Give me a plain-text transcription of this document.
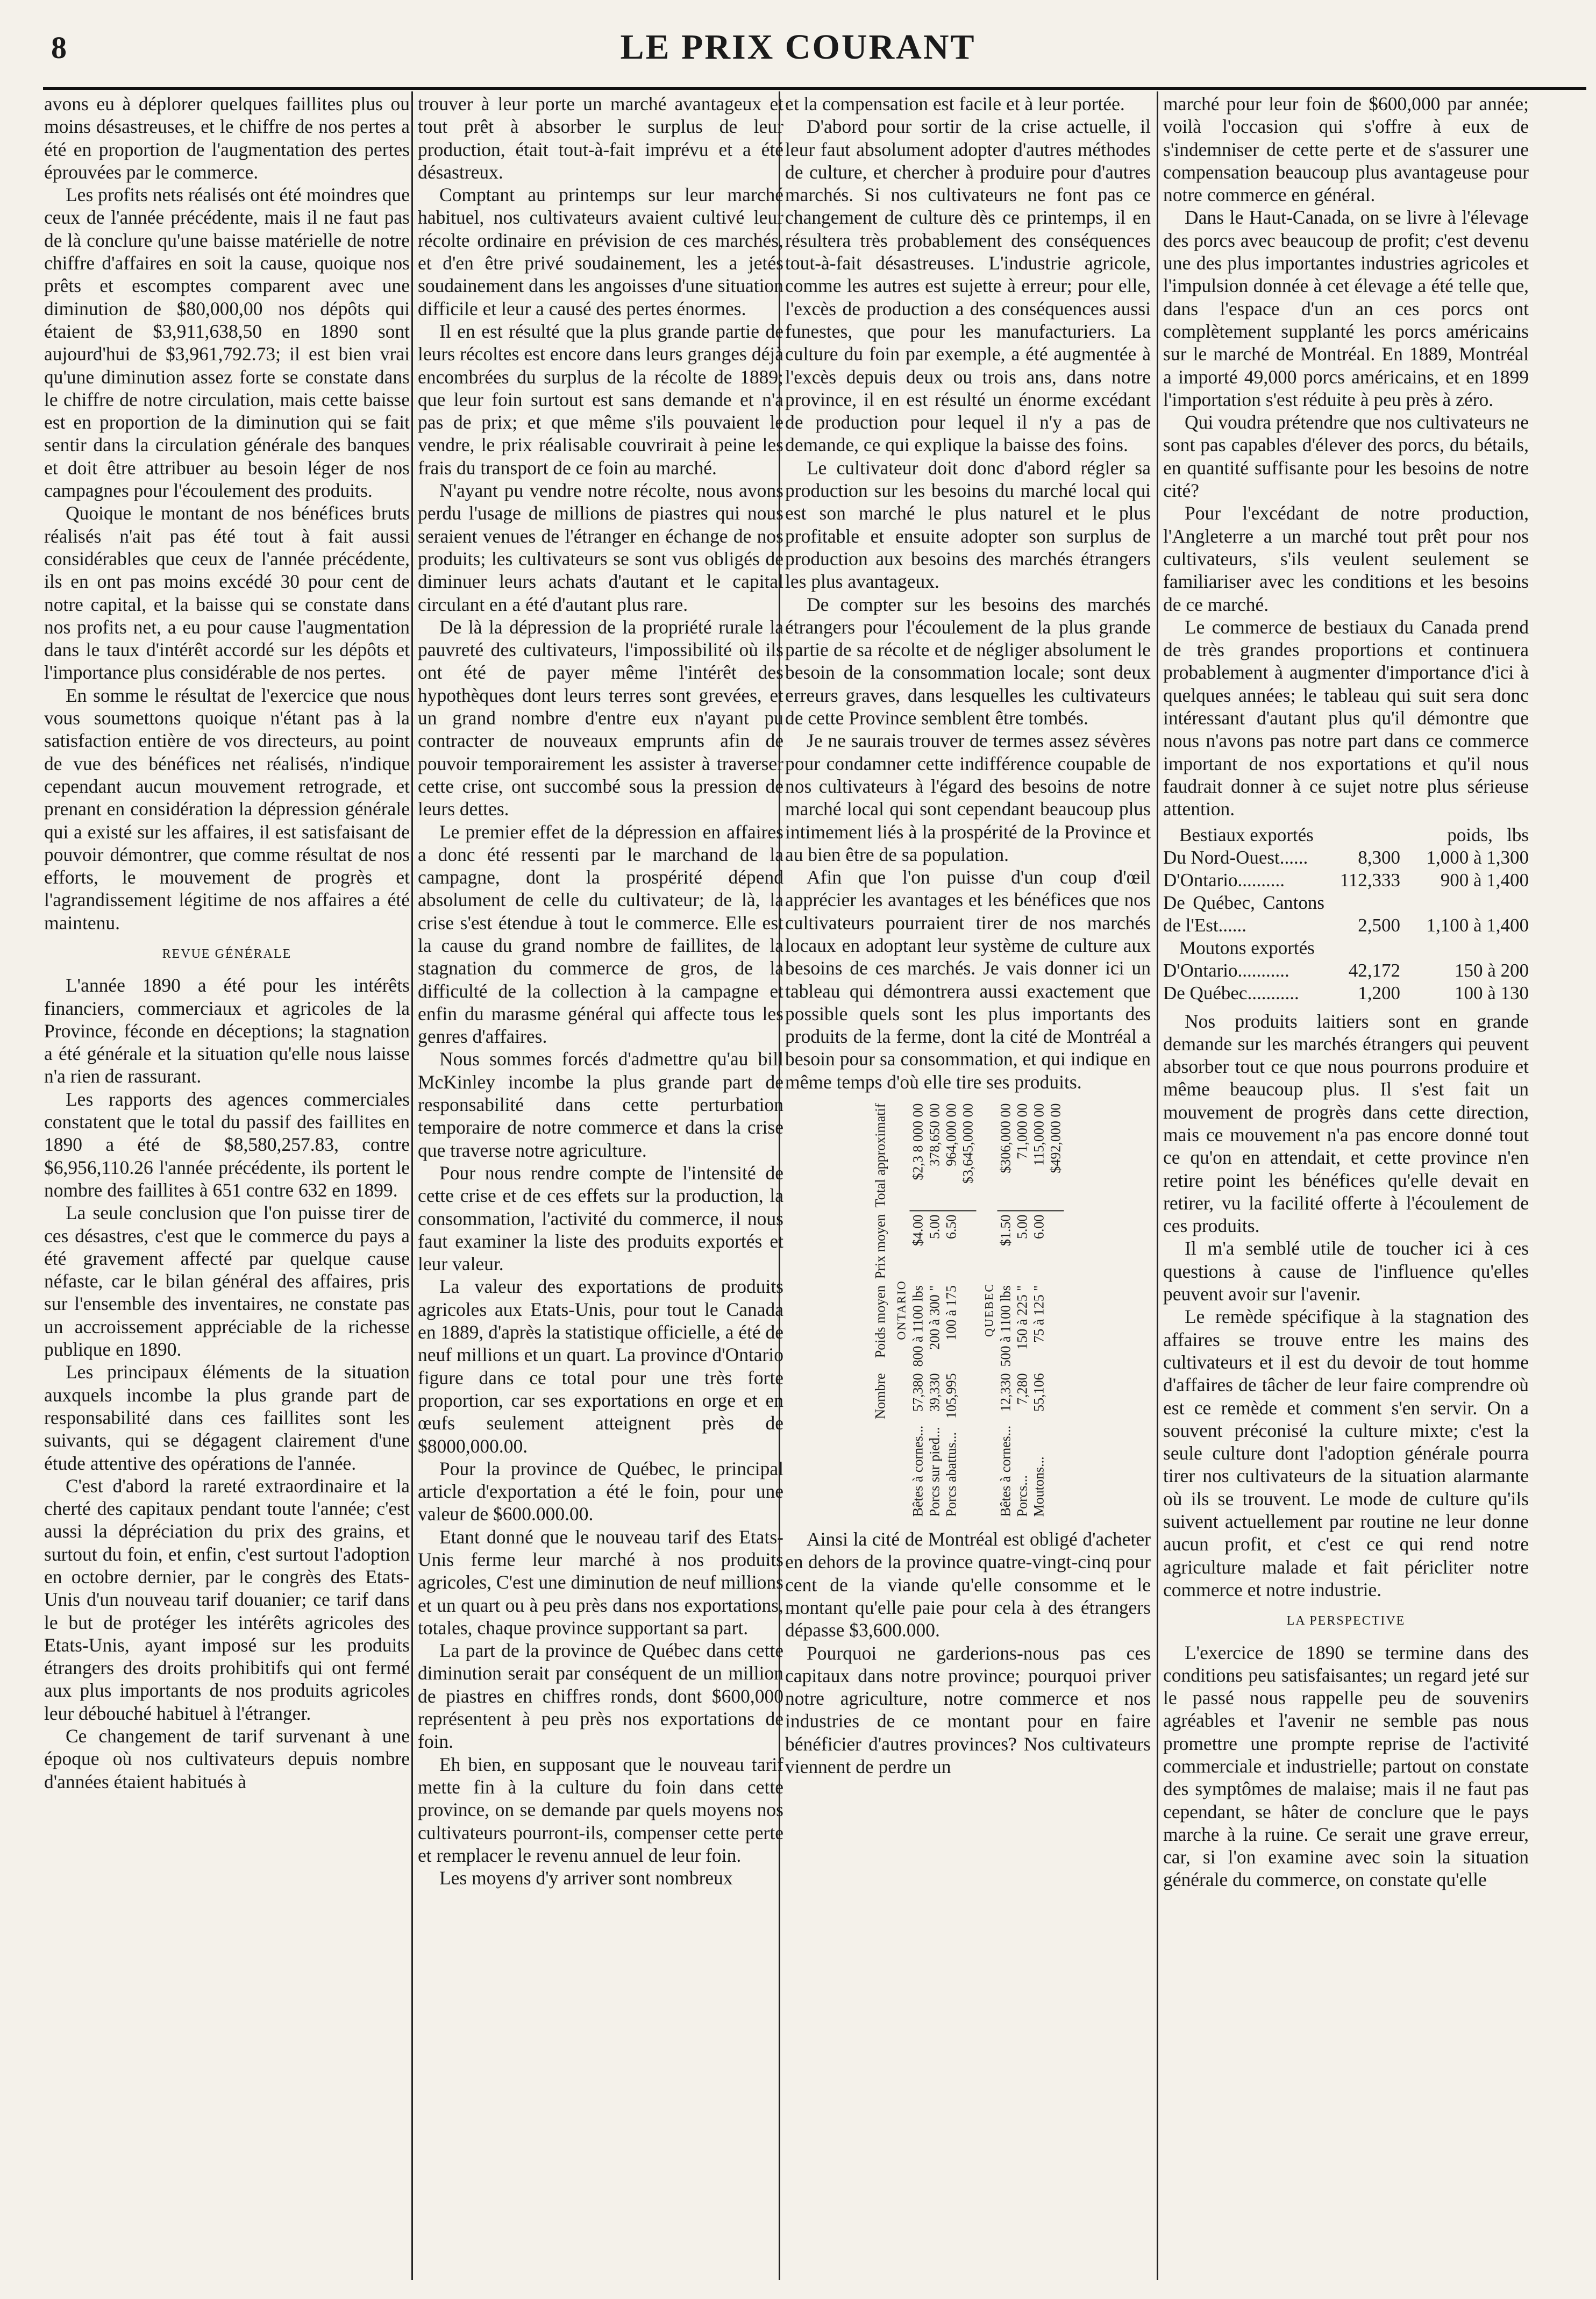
8	LE PRIX COURANT

avons eu à déplorer quelques faillites plus ou moins désastreuses, et le chiffre de nos pertes a été en proportion de l'augmentation des pertes éprouvées par le commerce.

Les profits nets réalisés ont été moindres que ceux de l'année précédente, mais il ne faut pas de là conclure qu'une baisse matérielle de notre chiffre d'affaires en soit la cause, quoique nos prêts et escomptes comparent avec une diminution de $80,000,00 nos dépôts qui étaient de $3,911,638,50 en 1890 sont aujourd'hui de $3,961,792.73; il est bien vrai qu'une diminution assez forte se constate dans le chiffre de notre circulation, mais cette baisse est en proportion de la diminution qui se fait sentir dans la circulation générale des banques et doit être attribuer au besoin léger de nos campagnes pour l'écoulement des produits.

Quoique le montant de nos bénéfices bruts réalisés n'ait pas été tout à fait aussi considérables que ceux de l'année précédente, ils en ont pas moins excédé 30 pour cent de notre capital, et la baisse qui se constate dans nos profits net, a eu pour cause l'augmentation dans le taux d'intérêt accordé sur les dépôts et l'importance plus considérable de nos pertes.

En somme le résultat de l'exercice que nous vous soumettons quoique n'étant pas à la satisfaction entière de vos directeurs, au point de vue des bénéfices net réalisés, n'indique cependant aucun mouvement retrograde, et prenant en considération la dépression générale qui a existé sur les affaires, il est satisfaisant de pouvoir démontrer, que comme résultat de nos efforts, le mouvement de progrès et l'agrandissement légitime de nos affaires a été maintenu.

REVUE GÉNÉRALE

L'année 1890 a été pour les intérêts financiers, commerciaux et agricoles de la Province, féconde en déceptions; la stagnation a été générale et la situation qu'elle nous laisse n'a rien de rassurant.

Les rapports des agences commerciales constatent que le total du passif des faillites en 1890 a été de $8,580,257.83, contre $6,956,110.26 l'année précédente, ils portent le nombre des faillites à 651 contre 632 en 1899.

La seule conclusion que l'on puisse tirer de ces désastres, c'est que le commerce du pays a été gravement affecté par quelque cause néfaste, car le bilan général des affaires, pris sur l'ensemble des inventaires, ne constate pas un accroissement appréciable de la richesse publique en 1890.

Les principaux éléments de la situation auxquels incombe la plus grande part de responsabilité dans ces faillites sont les suivants, qui se dégagent clairement d'une étude attentive des opérations de l'année.

C'est d'abord la rareté extraordinaire et la cherté des capitaux pendant toute l'année; c'est aussi la dépréciation du prix des grains, et surtout du foin, et enfin, c'est surtout l'adoption en octobre dernier, par le congrès des Etats-Unis d'un nouveau tarif douanier; ce tarif dans le but de protéger les intérêts agricoles des Etats-Unis, ayant imposé sur les produits étrangers des droits prohibitifs qui ont fermé aux plus importants de nos produits agricoles leur débouché habituel à l'étranger.

Ce changement de tarif survenant à une époque où nos cultivateurs depuis nombre d'années étaient habitués à

trouver à leur porte un marché avantageux et tout prêt à absorber le surplus de leur production, était tout-à-fait imprévu et a été désastreux.

Comptant au printemps sur leur marché habituel, nos cultivateurs avaient cultivé leur récolte ordinaire en prévision de ces marchés, et d'en être privé soudainement, les a jetés soudainement dans les angoisses d'une situation difficile et leur a causé des pertes énormes.

Il en est résulté que la plus grande partie de leurs récoltes est encore dans leurs granges déjà encombrées du surplus de la récolte de 1889; que leur foin surtout est sans demande et n'a pas de prix; et que même s'ils pouvaient le vendre, le prix réalisable couvrirait à peine les frais du transport de ce foin au marché.

N'ayant pu vendre notre récolte, nous avons perdu l'usage de millions de piastres qui nous seraient venues de l'étranger en échange de nos produits; les cultivateurs se sont vus obligés de diminuer leurs achats d'autant et le capital circulant en a été d'autant plus rare.

De là la dépression de la propriété rurale la pauvreté des cultivateurs, l'impossibilité où ils ont été de payer même l'intérêt des hypothèques dont leurs terres sont grevées, et un grand nombre d'entre eux n'ayant pu contracter de nouveaux emprunts afin de pouvoir temporairement les assister à traverser cette crise, ont succombé sous la pression de leurs dettes.

Le premier effet de la dépression en affaires a donc été ressenti par le marchand de la campagne, dont la prospérité dépend absolument de celle du cultivateur; de là, la crise s'est étendue à tout le commerce. Elle est la cause du grand nombre de faillites, de la stagnation du commerce de gros, de la difficulté de la collection à la campagne et enfin du marasme général qui affecte tous les genres d'affaires.

Nous sommes forcés d'admettre qu'au bill McKinley incombe la plus grande part de responsabilité dans cette perturbation temporaire de notre commerce et dans la crise que traverse notre agriculture.

Pour nous rendre compte de l'intensité de cette crise et de ces effets sur la production, la consommation, l'activité du commerce, il nous faut examiner la liste des produits exportés et leur valeur.

La valeur des exportations de produits agricoles aux Etats-Unis, pour tout le Canada en 1889, d'après la statistique officielle, a été de neuf millions et un quart. La province d'Ontario figure dans ce total pour une très forte proportion, car ses exportations en orge et en œufs seulement atteignent près de $8000,000.00.

Pour la province de Québec, le principal article d'exportation a été le foin, pour une valeur de $600.000.00.

Etant donné que le nouveau tarif des Etats-Unis ferme leur marché à nos produits agricoles, C'est une diminution de neuf millions et un quart ou à peu près dans nos exportations, totales, chaque province supportant sa part.

La part de la province de Québec dans cette diminution serait par conséquent de un million de piastres en chiffres ronds, dont $600,000 représentent à peu près nos exportations de foin.

Eh bien, en supposant que le nouveau tarif mette fin à la culture du foin dans cette province, on se demande par quels moyens nos cultivateurs pourront-ils, compenser cette perte et remplacer le revenu annuel de leur foin.

Les moyens d'y arriver sont nombreux

et la compensation est facile et à leur portée.

D'abord pour sortir de la crise actuelle, il leur faut absolument adopter d'autres méthodes de culture, et chercher à produire pour d'autres marchés. Si nos cultivateurs ne font pas ce changement de culture dès ce printemps, il en résultera très probablement des conséquences tout-à-fait désastreuses. L'industrie agricole, comme les autres est sujette à erreur; pour elle, l'excès de production a des conséquences aussi funestes, que pour les manufacturiers. La culture du foin par exemple, a été augmentée à l'excès depuis deux ou trois ans, dans notre province, il en est résulté un énorme excédant de production pour lequel il n'y a pas de demande, ce qui explique la baisse des foins.

Le cultivateur doit donc d'abord régler sa production sur les besoins du marché local qui est son marché le plus naturel et le plus profitable et ensuite adopter son surplus de production aux besoins des marchés étrangers les plus avantageux.

De compter sur les besoins des marchés étrangers pour l'écoulement de la plus grande partie de sa récolte et de négliger absolument le besoin de la consommation locale; sont deux erreurs graves, dans lesquelles les cultivateurs de cette Province semblent être tombés.

Je ne saurais trouver de termes assez sévères pour condamner cette indifférence coupable de nos cultivateurs à l'égard des besoins de notre marché local qui sont cependant beaucoup plus intimement liés à la prospérité de la Province et au bien être de sa population.

Afin que l'on puisse d'un coup d'œil apprécier les avantages et les bénéfices que nos cultivateurs pourraient tirer de nos marchés locaux en adoptant leur système de culture aux besoins de ces marchés. Je vais donner ici un tableau qui démontrera aussi exactement que possible quels sont les plus importants des produits de la ferme, dont la cité de Montréal a besoin pour sa consommation, et qui indique en même temps d'où elle tire ses produits.

	Nombre	Poids moyen	Prix moyen	Total approximatif
ONTARIO				
Bêtes à cornes...	57,380	800 à 1100 lbs	$4.00	$2,3 8 000 00
Porcs sur pied...	39,330	200 à 300 "	5.00	378,650 00
Porcs abattus...	105,995	100 à 175	6.50	964,000 00
				$3,645,000 00
QUEBEC				
Bêtes à cornes...	12,330	500 à 1100 lbs	$1.50	$306,000 00
Porcs...	7,280	150 à 225 "	5.00	71,000 00
Moutons...	55,106	75 à 125 "	6.00	115,000 00
				$492,000 00

Ainsi la cité de Montréal est obligé d'acheter en dehors de la province quatre-vingt-cinq pour cent de la viande qu'elle consomme et le montant qu'elle paie pour cela à des étrangers dépasse $3,600.000.

Pourquoi ne garderions-nous pas ces capitaux dans notre province; pourquoi priver notre agriculture, notre commerce et nos industries de ce montant pour en faire bénéficier d'autres provinces? Nos cultivateurs viennent de perdre un

marché pour leur foin de $600,000 par année; voilà l'occasion qui s'offre à eux de s'indemniser de cette perte et de s'assurer une compensation beaucoup plus avantageuse pour notre commerce en général.

Dans le Haut-Canada, on se livre à l'élevage des porcs avec beaucoup de profit; c'est devenu une des plus importantes industries agricoles et l'impulsion donnée à cet élevage a été telle que, dans l'espace d'un an ces porcs ont complètement supplanté les porcs américains sur le marché de Montréal. En 1889, Montréal a importé 49,000 porcs américains, et en 1899 l'importation s'est réduite à peu près à zéro.

Qui voudra prétendre que nos cultivateurs ne sont pas capables d'élever des porcs, du bétails, en quantité suffisante pour les besoins de notre cité?

Pour l'excédant de notre production, l'Angleterre a un marché tout prêt pour nos cultivateurs, s'ils veulent seulement se familiariser avec les conditions et les besoins de ce marché.

Le commerce de bestiaux du Canada prend de très grandes proportions et continuera probablement à augmenter d'importance d'ici à quelques années; le tableau qui suit sera donc intéressant d'autant plus qu'il démontre que nous n'avons pas notre part dans ce commerce important de nos exportations et qu'il nous faudrait donner à ce sujet notre plus sérieuse attention.

Bestiaux exportés		poids, lbs
Du Nord-Ouest......	8,300	1,000 à 1,300
D'Ontario..........	112,333	900 à 1,400
De Québec, Cantons de l'Est......	2,500	1,100 à 1,400
Moutons exportés		
D'Ontario...........	42,172	150 à 200
De Québec...........	1,200	100 à 130

Nos produits laitiers sont en grande demande sur les marchés étrangers qui peuvent absorber tout ce que nous pourrons produire et même beaucoup plus. Il s'est fait un mouvement de progrès dans cette direction, mais ce mouvement n'a pas encore donné tout ce qu'on en attendait, et cette province n'en retire point les bénéfices qu'elle devait en retirer, vu la facilité offerte à l'écoulement de ces produits.

Il m'a semblé utile de toucher ici à ces questions à cause de l'influence qu'elles peuvent avoir sur l'avenir.

Le remède spécifique à la stagnation des affaires se trouve entre les mains des cultivateurs et il est du devoir de tout homme d'affaires de tâcher de leur faire comprendre où est ce remède et comment s'en servir. On a souvent préconisé la culture mixte; c'est la seule culture dont l'adoption générale pourra tirer nos cultivateurs de la situation alarmante où ils se trouvent. Le mode de culture qu'ils suivent actuellement par routine ne leur donne aucun profit, et c'est ce qui rend notre agriculture malade et fait péricliter notre commerce et notre industrie.

LA PERSPECTIVE

L'exercice de 1890 se termine dans des conditions peu satisfaisantes; un regard jeté sur le passé nous rappelle peu de souvenirs agréables et l'avenir ne semble pas nous promettre une prompte reprise de l'activité commerciale et industrielle; partout on constate des symptômes de malaise; mais il ne faut pas cependant, se hâter de conclure que le pays marche à la ruine. Ce serait une grave erreur, car, si l'on examine avec soin la situation générale du commerce, on constate qu'elle
